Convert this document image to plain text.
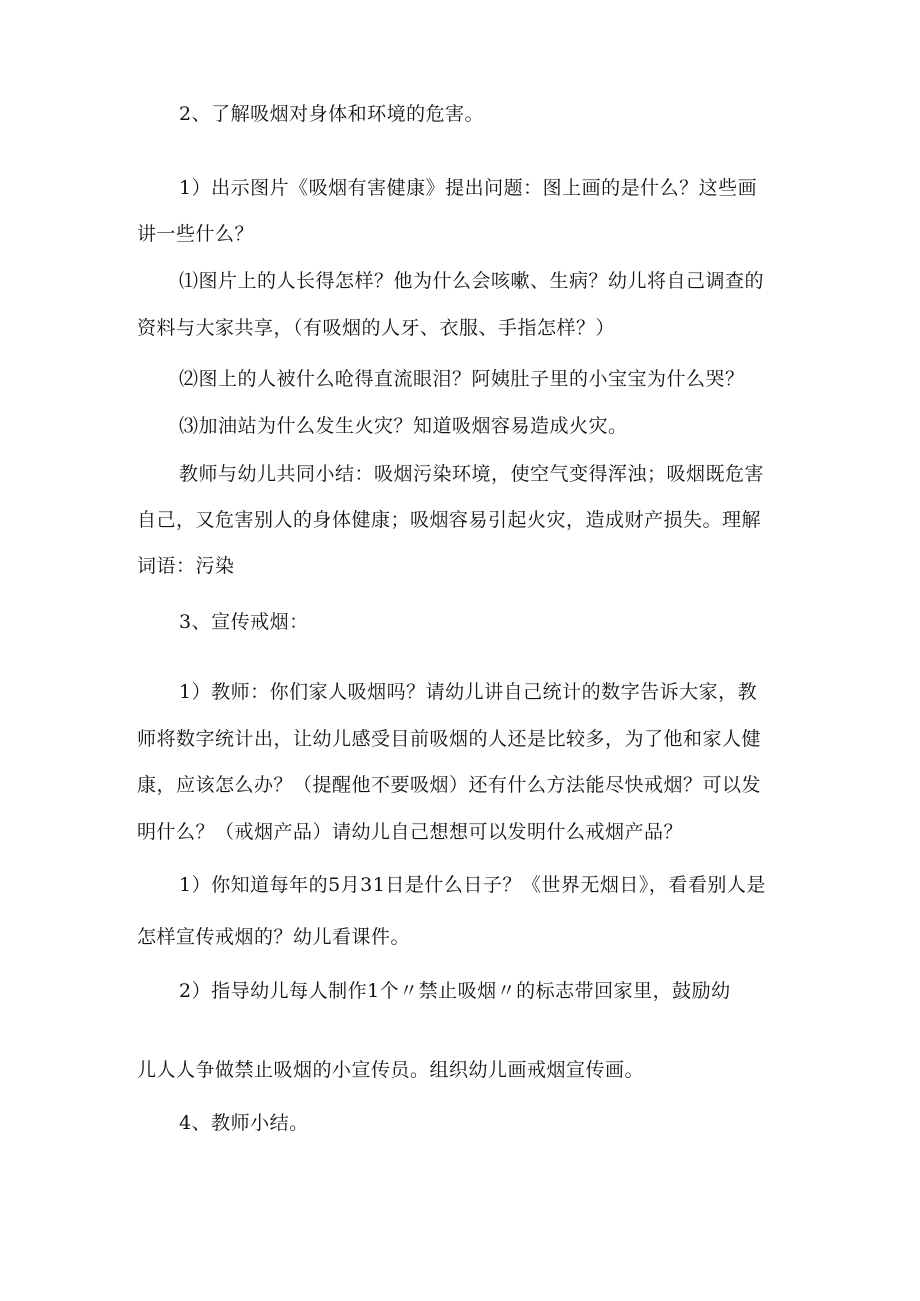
2、了解吸烟对身体和环境的危害。
1）出示图片《吸烟有害健康》提出问题：图上画的是什么？这些画
讲一些什么？
⑴图片上的人长得怎样？他为什么会咳嗽、生病？幼儿将自己调查的
资料与大家共享，（有吸烟的人牙、衣服、手指怎样？）
⑵图上的人被什么呛得直流眼泪？阿姨肚子里的小宝宝为什么哭？
⑶加油站为什么发生火灾？知道吸烟容易造成火灾。
教师与幼儿共同小结：吸烟污染环境，使空气变得浑浊；吸烟既危害
自己，又危害别人的身体健康；吸烟容易引起火灾，造成财产损失。理解
词语：污染
3、宣传戒烟：
1）教师：你们家人吸烟吗？请幼儿讲自己统计的数字告诉大家，教
师将数字统计出，让幼儿感受目前吸烟的人还是比较多，为了他和家人健
康，应该怎么办？（提醒他不要吸烟）还有什么方法能尽快戒烟？可以发
明什么？（戒烟产品）请幼儿自己想想可以发明什么戒烟产品？
1）你知道每年的5月31日是什么日子？《世界无烟日》，看看别人是
怎样宣传戒烟的？幼儿看课件。
2）指导幼儿每人制作1个〃禁止吸烟〃的标志带回家里，鼓励幼
儿人人争做禁止吸烟的小宣传员。组织幼儿画戒烟宣传画。
4、教师小结。
